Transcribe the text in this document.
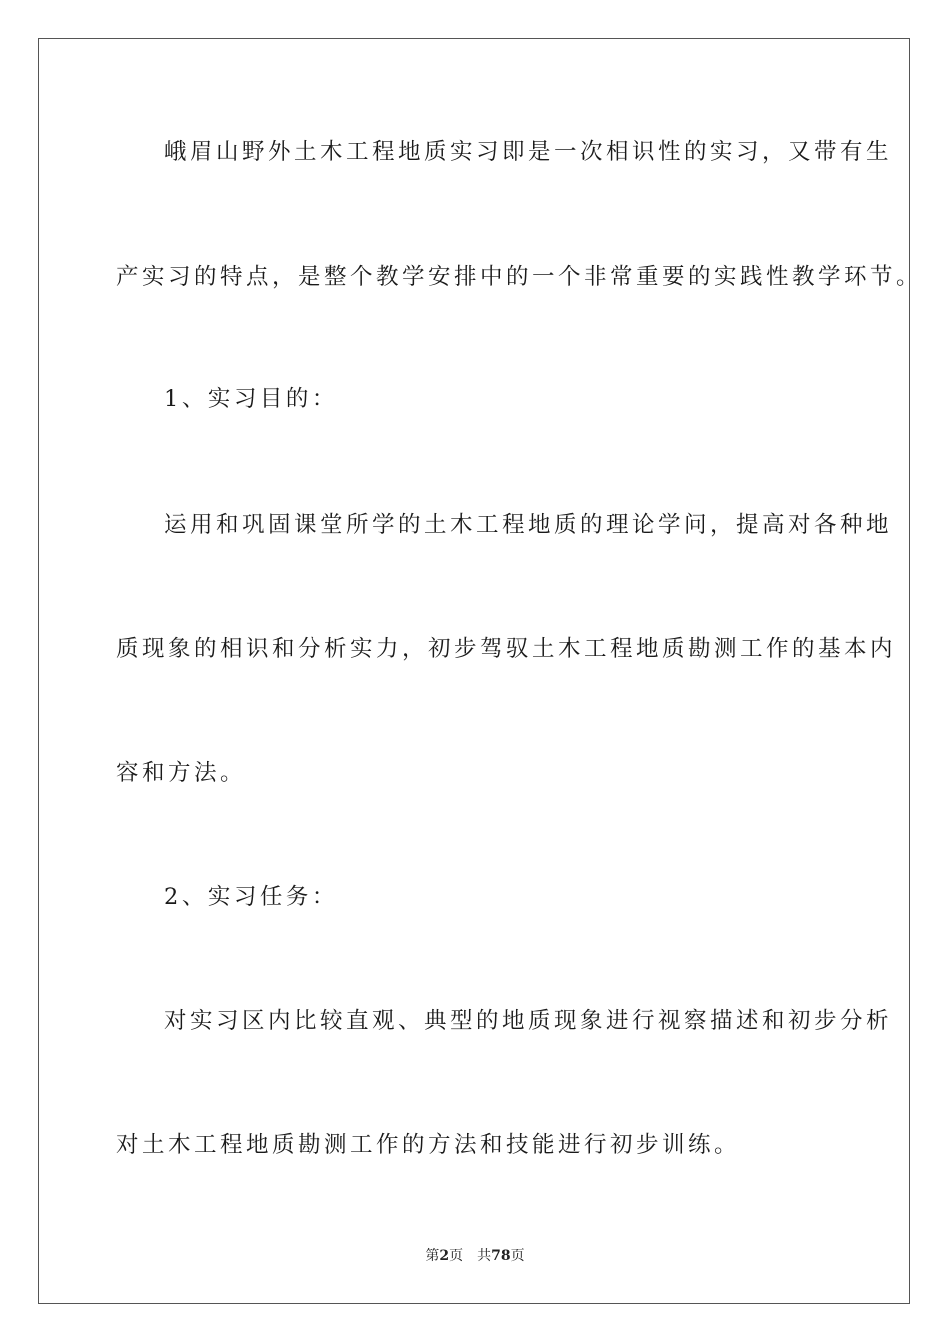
峨眉山野外土木工程地质实习即是一次相识性的实习，又带有生
产实习的特点，是整个教学安排中的一个非常重要的实践性教学环节。
1、实习目的：
运用和巩固课堂所学的土木工程地质的理论学问，提高对各种地
质现象的相识和分析实力，初步驾驭土木工程地质勘测工作的基本内
容和方法。
2、实习任务：
对实习区内比较直观、典型的地质现象进行视察描述和初步分析
对土木工程地质勘测工作的方法和技能进行初步训练。
第2页 共78页
